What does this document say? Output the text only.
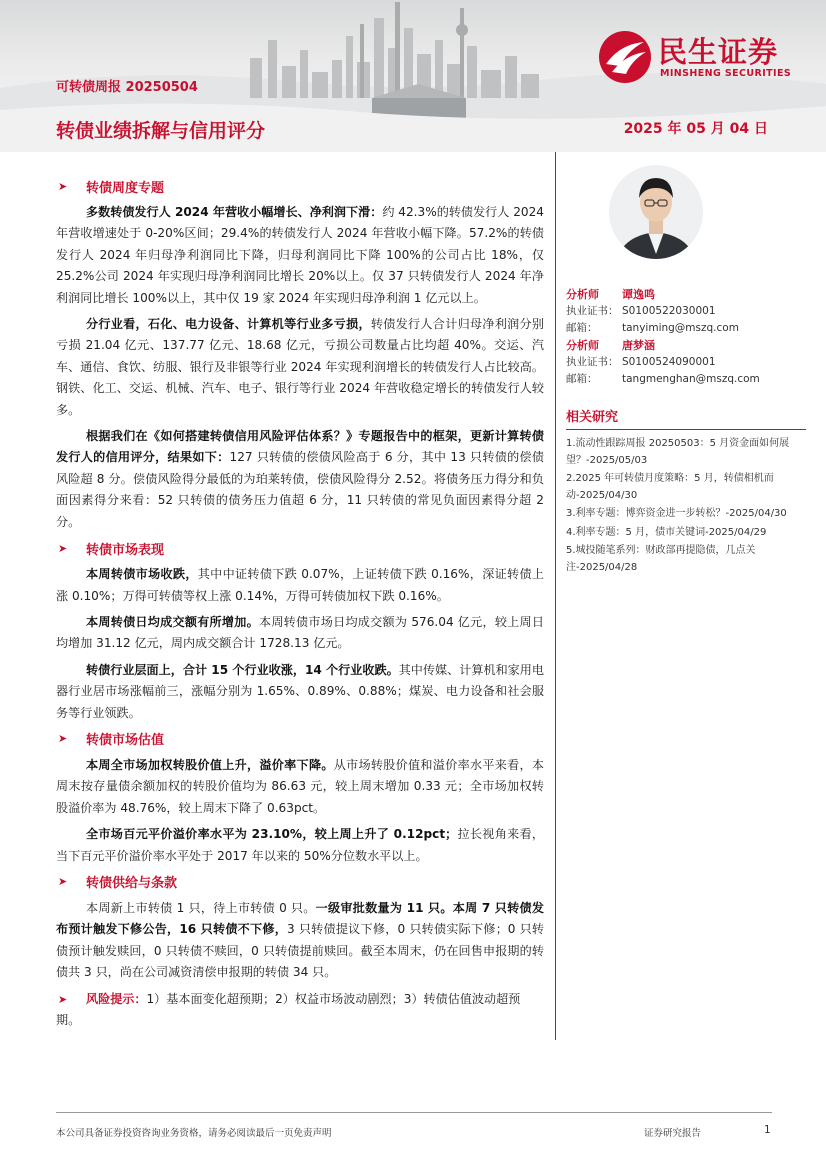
可转债周报 20250504
转债业绩拆解与信用评分	2025 年 05 月 04 日
民生证券
MINSHENG SECURITIES
➤	转债周度专题

多数转债发行人 2024 年营收小幅增长、净利润下滑：约 42.3%的转债发行人 2024 年营收增速处于 0-20%区间；29.4%的转债发行人 2024 年营收小幅下降。57.2%的转债发行人 2024 年归母净利润同比下降，归母利润同比下降 100%的公司占比 18%，仅 25.2%公司 2024 年实现归母净利润同比增长 20%以上。仅 37 只转债发行人 2024 年净利润同比增长 100%以上，其中仅 19 家 2024 年实现归母净利润 1 亿元以上。

分行业看，石化、电力设备、计算机等行业多亏损，转债发行人合计归母净利润分别亏损 21.04 亿元、137.77 亿元、18.68 亿元，亏损公司数量占比均超 40%。交运、汽车、通信、食饮、纺服、银行及非银等行业 2024 年实现利润增长的转债发行人占比较高。钢铁、化工、交运、机械、汽车、电子、银行等行业 2024 年营收稳定增长的转债发行人较多。

根据我们在《如何搭建转债信用风险评估体系？》专题报告中的框架，更新计算转债发行人的信用评分，结果如下：127 只转债的偿债风险高于 6 分，其中 13 只转债的偿债风险超 8 分。偿债风险得分最低的为珀莱转债，偿债风险得分 2.52。将债务压力得分和负面因素得分来看：52 只转债的债务压力值超 6 分，11 只转债的常见负面因素得分超 2 分。

➤	转债市场表现

本周转债市场收跌，其中中证转债下跌 0.07%，上证转债下跌 0.16%，深证转债上涨 0.10%；万得可转债等权上涨 0.14%，万得可转债加权下跌 0.16%。

本周转债日均成交额有所增加。本周转债市场日均成交额为 576.04 亿元，较上周日均增加 31.12 亿元，周内成交额合计 1728.13 亿元。

转债行业层面上，合计 15 个行业收涨，14 个行业收跌。其中传媒、计算机和家用电器行业居市场涨幅前三，涨幅分别为 1.65%、0.89%、0.88%；煤炭、电力设备和社会服务等行业领跌。

➤	转债市场估值

本周全市场加权转股价值上升，溢价率下降。从市场转股价值和溢价率水平来看，本周末按存量债余额加权的转股价值均为 86.63 元，较上周末增加 0.33 元；全市场加权转股溢价率为 48.76%，较上周末下降了 0.63pct。

全市场百元平价溢价率水平为 23.10%，较上周上升了 0.12pct；拉长视角来看，当下百元平价溢价率水平处于 2017 年以来的 50%分位数水平以上。

➤	转债供给与条款

本周新上市转债 1 只，待上市转债 0 只。一级审批数量为 11 只。本周 7 只转债发布预计触发下修公告，16 只转债不下修，3 只转债提议下修，0 只转债实际下修；0 只转债预计触发赎回，0 只转债不赎回，0 只转债提前赎回。截至本周末，仍在回售申报期的转债共 3 只，尚在公司减资清偿申报期的转债 34 只。

➤ 风险提示：1）基本面变化超预期；2）权益市场波动剧烈；3）转债估值波动超预期。

分析师	谭逸鸣
执业证书： S0100522030001
邮箱：	tanyiming@mszq.com
分析师	唐梦涵
执业证书： S0100524090001
邮箱：	tangmenghan@mszq.com
相关研究
1.流动性跟踪周报 20250503：5 月资金面如何展望？-2025/05/03
2.2025 年可转债月度策略：5 月，转债相机而动-2025/04/30
3.利率专题：博弈资金进一步转松？-2025/04/30
4.利率专题：5 月，债市关键词-2025/04/29
5.城投随笔系列：财政部再提隐债，几点关注-2025/04/28
本公司具备证券投资咨询业务资格，请务必阅读最后一页免责声明	证券研究报告	1
